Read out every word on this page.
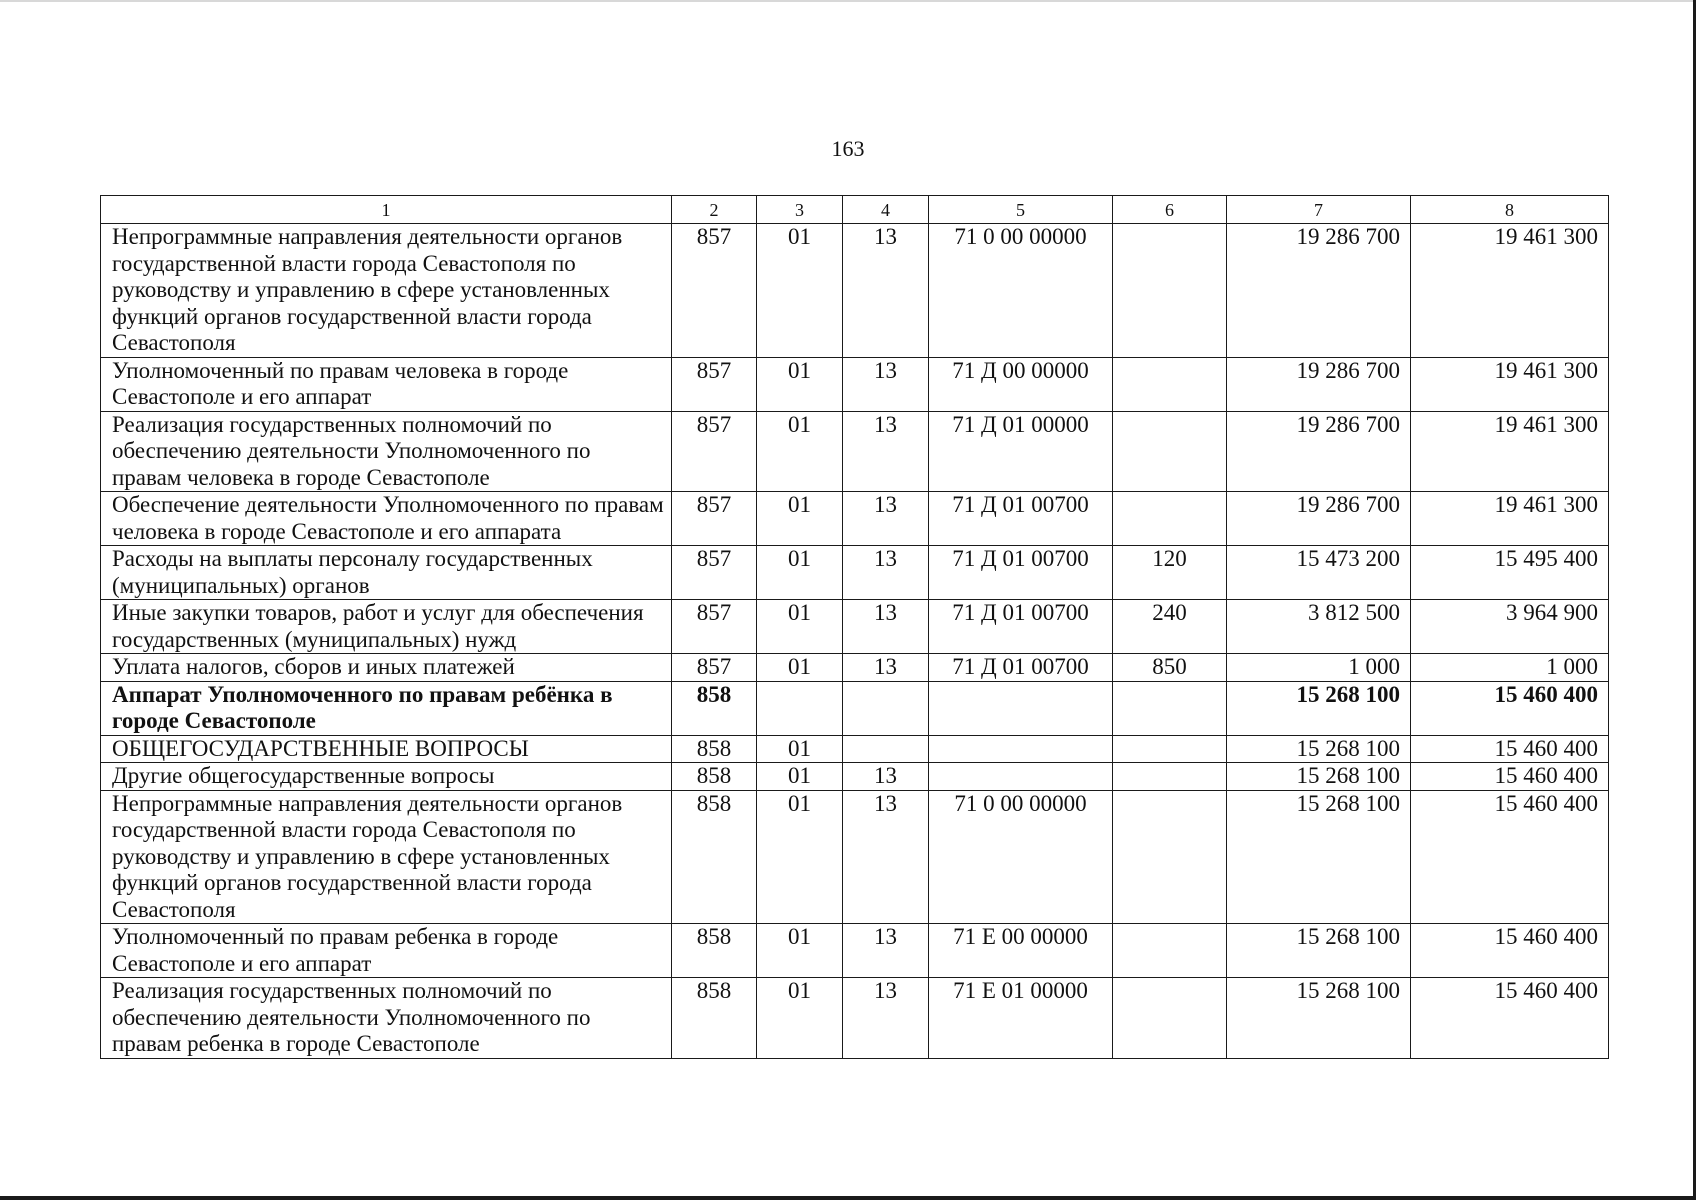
163
1	2	3	4	5	6	7	8
Непрограммные направления деятельности органов государственной власти города Севастополя по руководству и управлению в сфере установленных функций органов государственной власти города Севастополя	857	01	13	71 0 00 00000		19 286 700	19 461 300
Уполномоченный по правам человека в городе Севастополе и его аппарат	857	01	13	71 Д 00 00000		19 286 700	19 461 300
Реализация государственных полномочий по обеспечению деятельности Уполномоченного по правам человека в городе Севастополе	857	01	13	71 Д 01 00000		19 286 700	19 461 300
Обеспечение деятельности Уполномоченного по правам человека в городе Севастополе и его аппарата	857	01	13	71 Д 01 00700		19 286 700	19 461 300
Расходы на выплаты персоналу государственных (муниципальных) органов	857	01	13	71 Д 01 00700	120	15 473 200	15 495 400
Иные закупки товаров, работ и услуг для обеспечения государственных (муниципальных) нужд	857	01	13	71 Д 01 00700	240	3 812 500	3 964 900
Уплата налогов, сборов и иных платежей	857	01	13	71 Д 01 00700	850	1 000	1 000
Аппарат Уполномоченного по правам ребёнка в городе Севастополе	858					15 268 100	15 460 400
ОБЩЕГОСУДАРСТВЕННЫЕ ВОПРОСЫ	858	01				15 268 100	15 460 400
Другие общегосударственные вопросы	858	01	13			15 268 100	15 460 400
Непрограммные направления деятельности органов государственной власти города Севастополя по руководству и управлению в сфере установленных функций органов государственной власти города Севастополя	858	01	13	71 0 00 00000		15 268 100	15 460 400
Уполномоченный по правам ребенка в городе Севастополе и его аппарат	858	01	13	71 Е 00 00000		15 268 100	15 460 400
Реализация государственных полномочий по обеспечению деятельности Уполномоченного по правам ребенка в городе Севастополе	858	01	13	71 Е 01 00000		15 268 100	15 460 400
